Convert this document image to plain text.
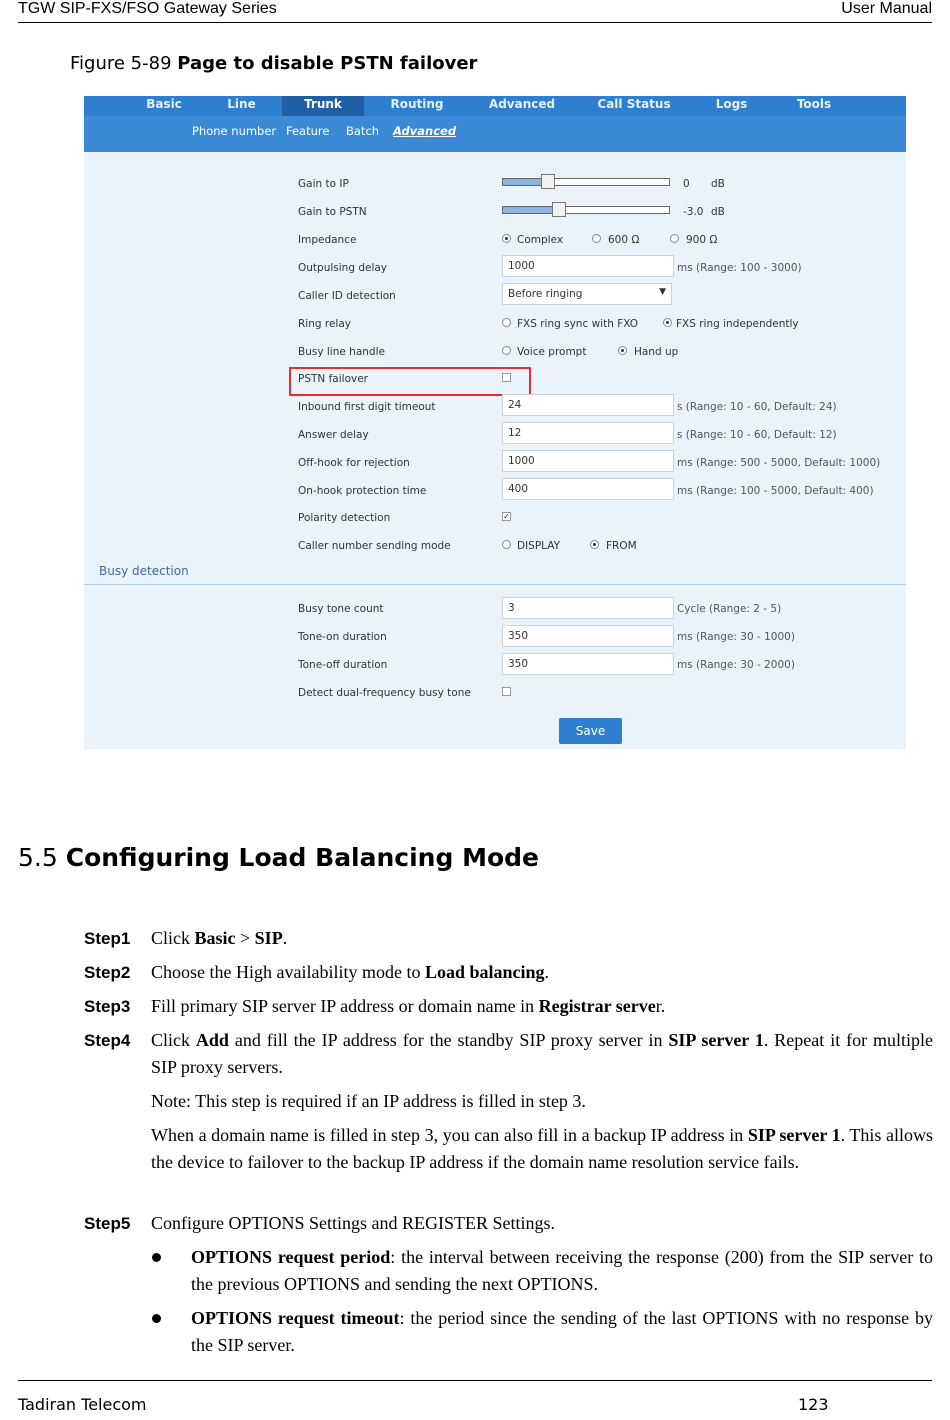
TGW SIP-FXS/FSO Gateway Series	User Manual
Figure 5-89 Page to disable PSTN failover
Basic	Line	Trunk	Routing	Advanced	Call Status	Logs	Tools
Phone number Feature Batch Advanced
Gain to IP	0 dB
Gain to PSTN	-3.0 dB
Impedance	Complex	600 Ω	900 Ω
Outpulsing delay	1000	ms (Range: 100 - 3000)
Caller ID detection	Before ringing	▼
Ring relay	FXS ring sync with FXO	FXS ring independently
Busy line handle	Voice prompt	Hand up
PSTN failover
Inbound first digit timeout	24	s (Range: 10 - 60, Default: 24)
Answer delay	12	s (Range: 10 - 60, Default: 12)
Off-hook for rejection	1000	ms (Range: 500 - 5000, Default: 1000)
On-hook protection time	400	ms (Range: 100 - 5000, Default: 400)
Polarity detection	✓
Caller number sending mode	DISPLAY	FROM
Busy detection
Busy tone count	3	Cycle (Range: 2 - 5)
Tone-on duration	350	ms (Range: 30 - 1000)
Tone-off duration	350	ms (Range: 30 - 2000)
Detect dual-frequency busy tone
Save
5.5 Configuring Load Balancing Mode
Step1 Click Basic > SIP.
Step2 Choose the High availability mode to Load balancing.
Step3 Fill primary SIP server IP address or domain name in Registrar server.
Step4 Click Add and fill the IP address for the standby SIP proxy server in SIP server 1. Repeat it for multiple SIP proxy servers.
Note: This step is required if an IP address is filled in step 3.
When a domain name is filled in step 3, you can also fill in a backup IP address in SIP server 1. This allows the device to failover to the backup IP address if the domain name resolution service fails.
Step5 Configure OPTIONS Settings and REGISTER Settings.
OPTIONS request period: the interval between receiving the response (200) from the SIP server to the previous OPTIONS and sending the next OPTIONS.
OPTIONS request timeout: the period since the sending of the last OPTIONS with no response by the SIP server.
Tadiran Telecom	123
